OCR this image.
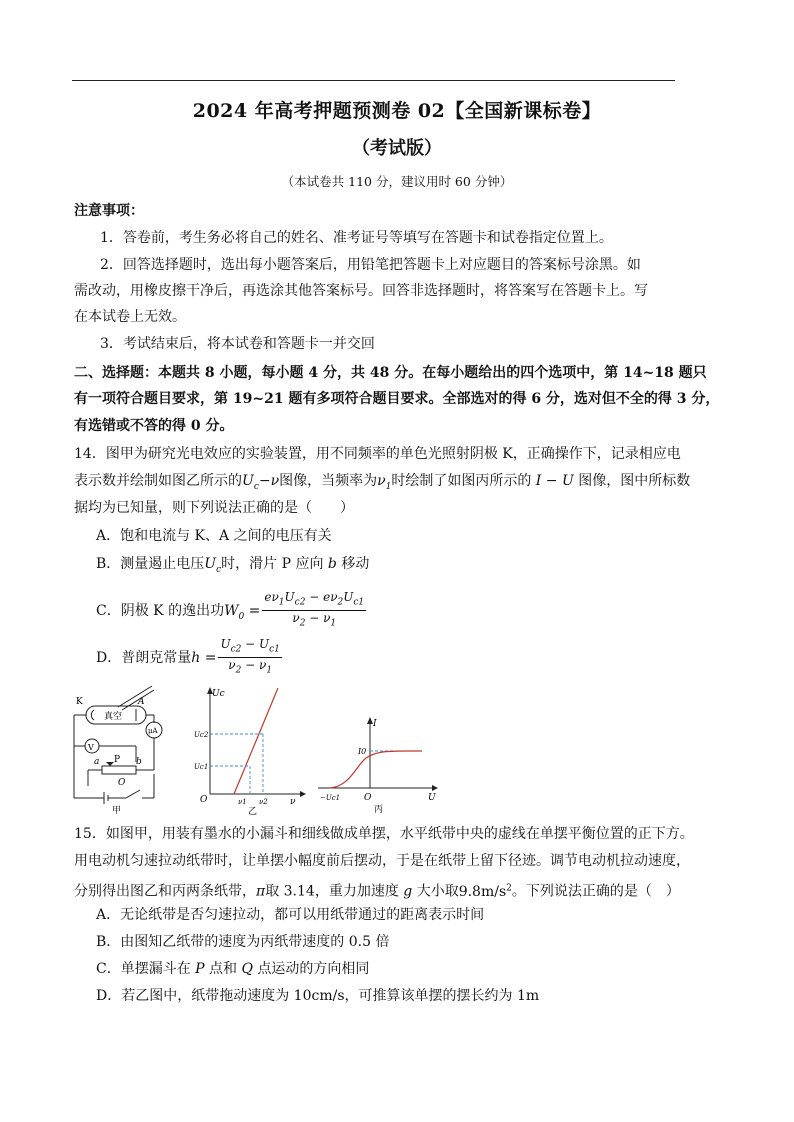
2024 年高考押题预测卷 02【全国新课标卷】
（考试版）
（本试卷共 110 分，建议用时 60 分钟）
注意事项：
1．答卷前，考生务必将自己的姓名、准考证号等填写在答题卡和试卷指定位置上。
2．回答选择题时，选出每小题答案后，用铅笔把答题卡上对应题目的答案标号涂黑。如
需改动，用橡皮擦干净后，再选涂其他答案标号。回答非选择题时，将答案写在答题卡上。写
在本试卷上无效。
3．考试结束后，将本试卷和答题卡一并交回
二、选择题：本题共 8 小题，每小题 4 分，共 48 分。在每小题给出的四个选项中，第 14~18 题只
有一项符合题目要求，第 19~21 题有多项符合题目要求。全部选对的得 6 分，选对但不全的得 3 分，
有选错或不答的得 0 分。
14．图甲为研究光电效应的实验装置，用不同频率的单色光照射阴极 K，正确操作下，记录相应电
表示数并绘制如图乙所示的$U_c-\nu$图像，当频率为$\nu_1$时绘制了如图丙所示的 I − U 图像，图中所标数
据均为已知量，则下列说法正确的是（　　）
A．饱和电流与 K、A 之间的电压有关
B．测量遏止电压$U_c$时，滑片 P 应向 b 移动
C．阴极 K 的逸出功$W_0 = \frac{e\nu_1U_{c2} - e\nu_2U_{c1}}{\nu_2 - \nu_1}$
D．普朗克常量$h = \frac{U_{c2} - U_{c1}}{\nu_2 - \nu_1}$
K	A
真空
μA
V
P
a	b
O
甲
Uc
Uc2
Uc1
O	ν1 ν2 ν
乙
I
I0
−Uc1	O	U
丙
15．如图甲，用装有墨水的小漏斗和细线做成单摆，水平纸带中央的虚线在单摆平衡位置的正下方。
用电动机匀速拉动纸带时，让单摆小幅度前后摆动，于是在纸带上留下径迹。调节电动机拉动速度，
分别得出图乙和丙两条纸带，π取 3.14，重力加速度 g 大小取$9.8m/s^2$。下列说法正确的是（　）
A．无论纸带是否匀速拉动，都可以用纸带通过的距离表示时间
B．由图知乙纸带的速度为丙纸带速度的 0.5 倍
C．单摆漏斗在 P 点和 Q 点运动的方向相同
D．若乙图中，纸带拖动速度为 10cm/s，可推算该单摆的摆长约为 1m
